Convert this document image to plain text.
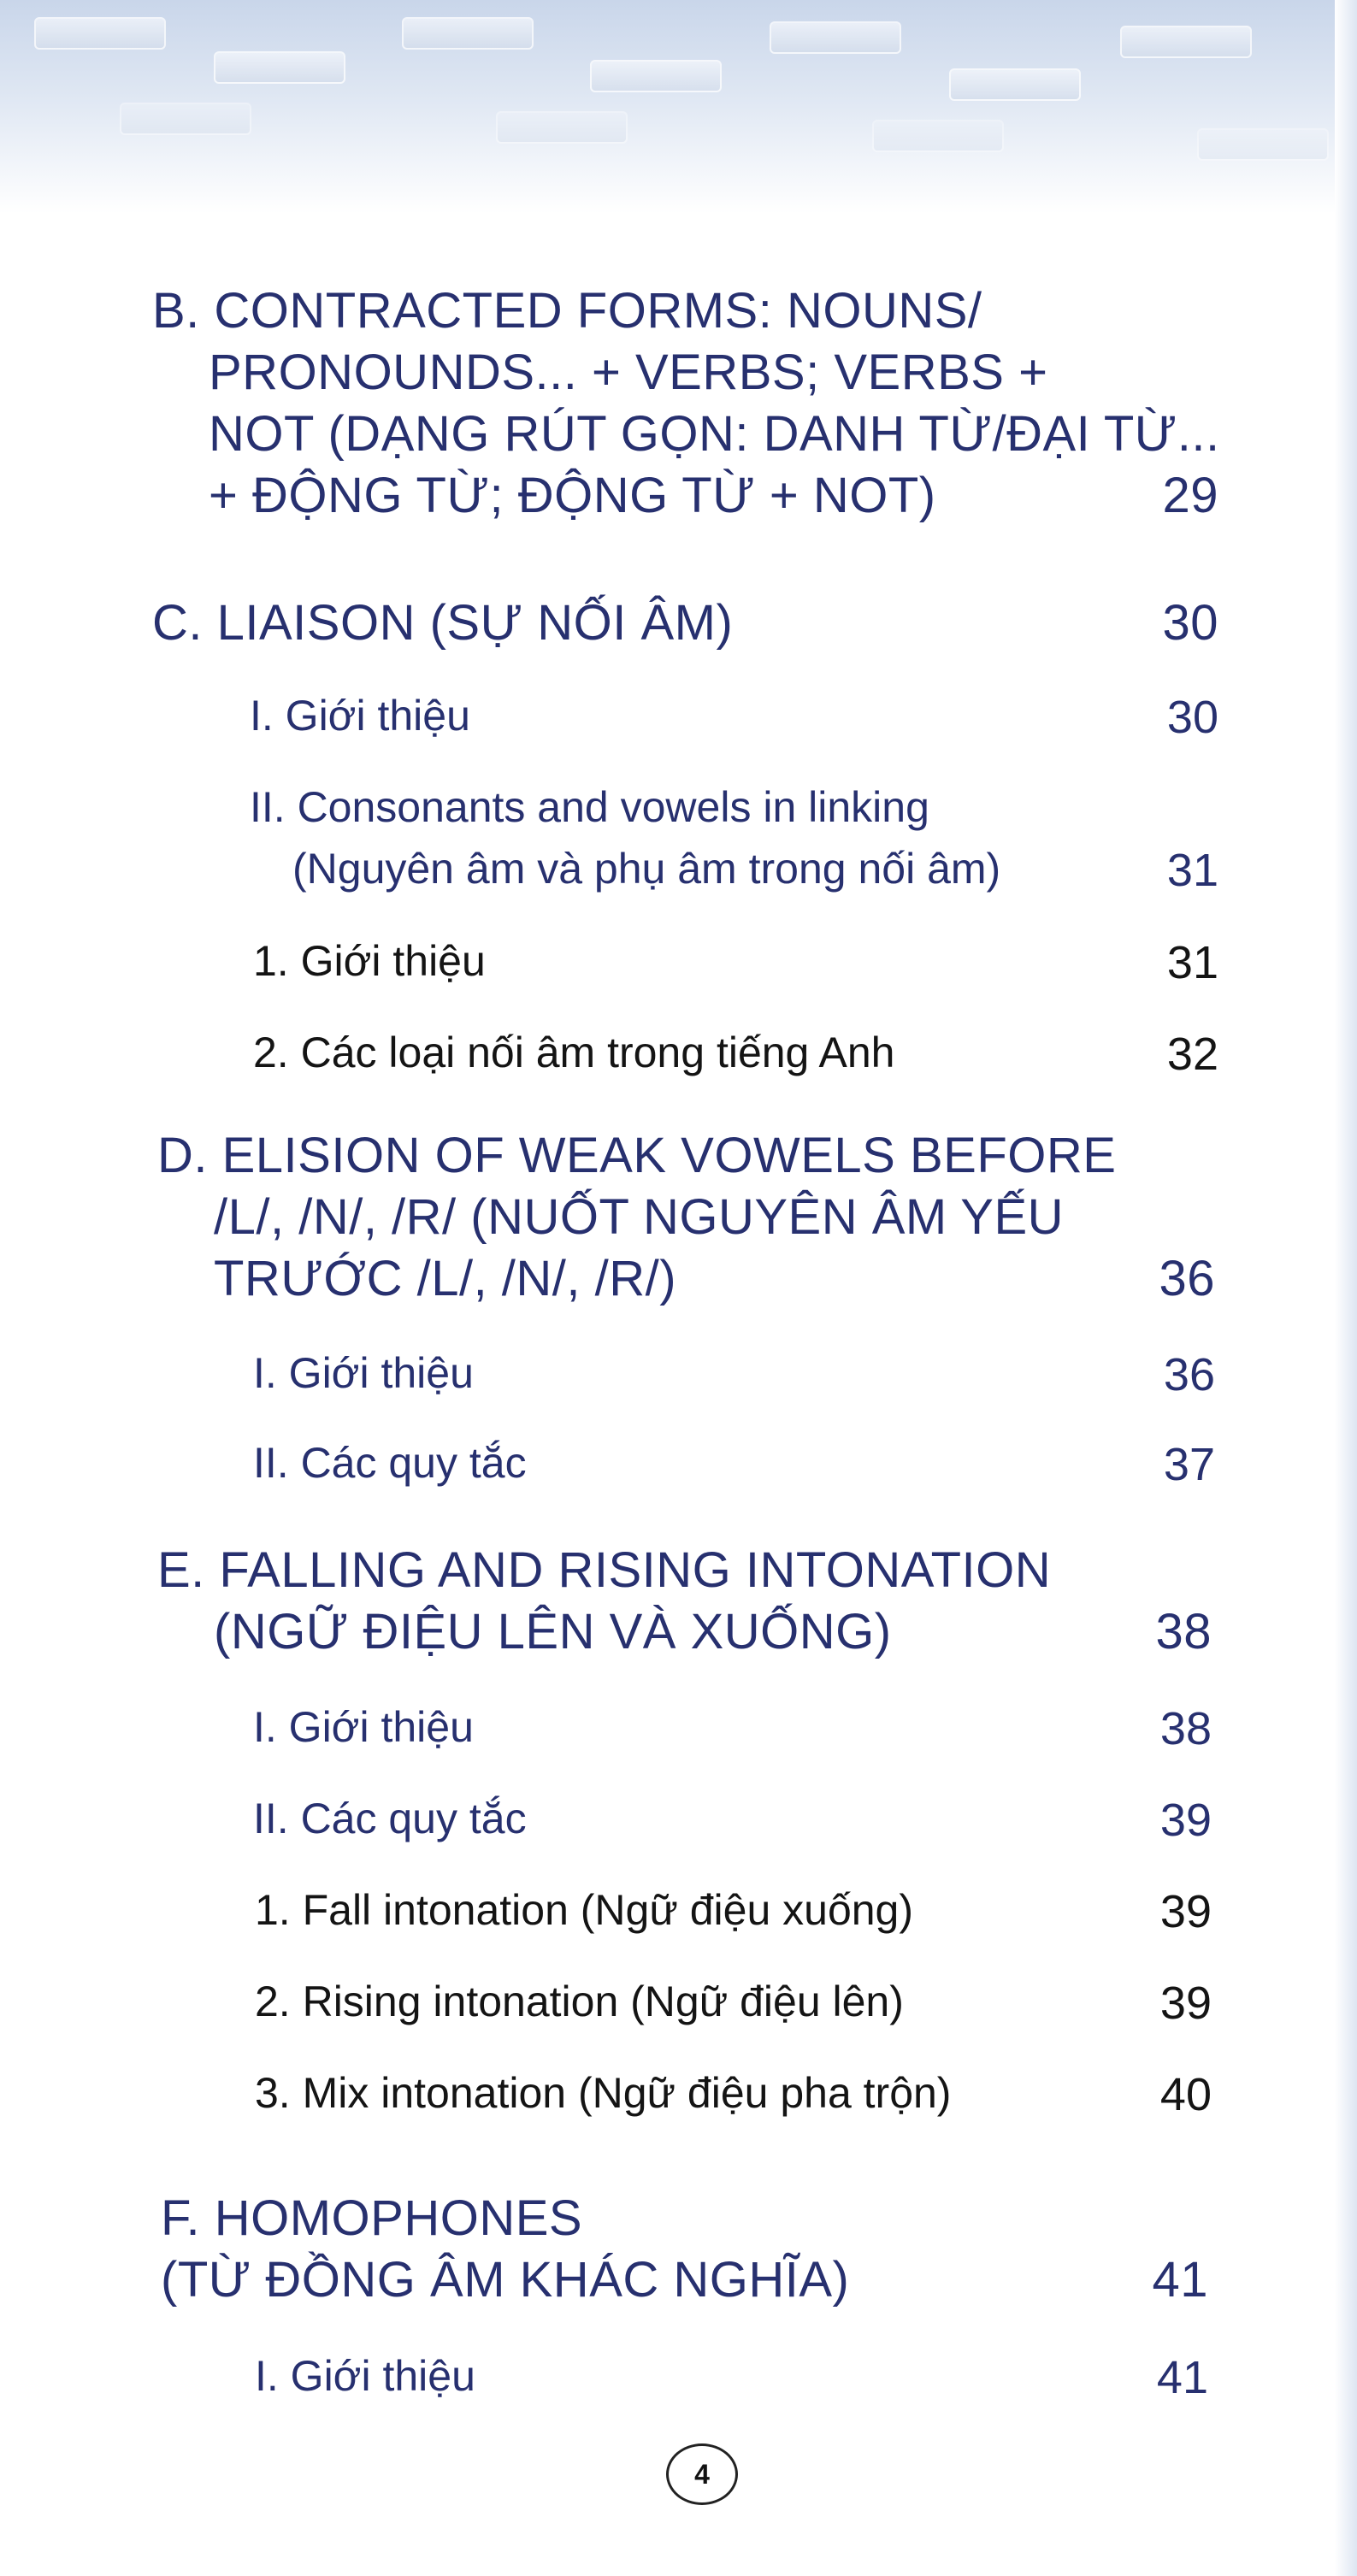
B. CONTRACTED FORMS: NOUNS/
PRONOUNDS... + VERBS; VERBS +
NOT (DẠNG RÚT GỌN: DANH TỪ/ĐẠI TỪ...
+ ĐỘNG TỪ; ĐỘNG TỪ + NOT)	29
C. LIAISON (SỰ NỐI ÂM)	30
I. Giới thiệu	30
II. Consonants and vowels in linking
(Nguyên âm và phụ âm trong nối âm)	31
1. Giới thiệu	31
2. Các loại nối âm trong tiếng Anh	32
D. ELISION OF WEAK VOWELS BEFORE
/L/, /N/, /R/ (NUỐT NGUYÊN ÂM YẾU
TRƯỚC /L/, /N/, /R/)	36
I. Giới thiệu	36
II. Các quy tắc	37
E. FALLING AND RISING INTONATION
(NGỮ ĐIỆU LÊN VÀ XUỐNG)	38
I. Giới thiệu	38
II. Các quy tắc	39
1. Fall intonation (Ngữ điệu xuống)	39
2. Rising intonation (Ngữ điệu lên)	39
3. Mix intonation (Ngữ điệu pha trộn)	40
F. HOMOPHONES
(TỪ ĐỒNG ÂM KHÁC NGHĨA)	41
I. Giới thiệu	41
4
